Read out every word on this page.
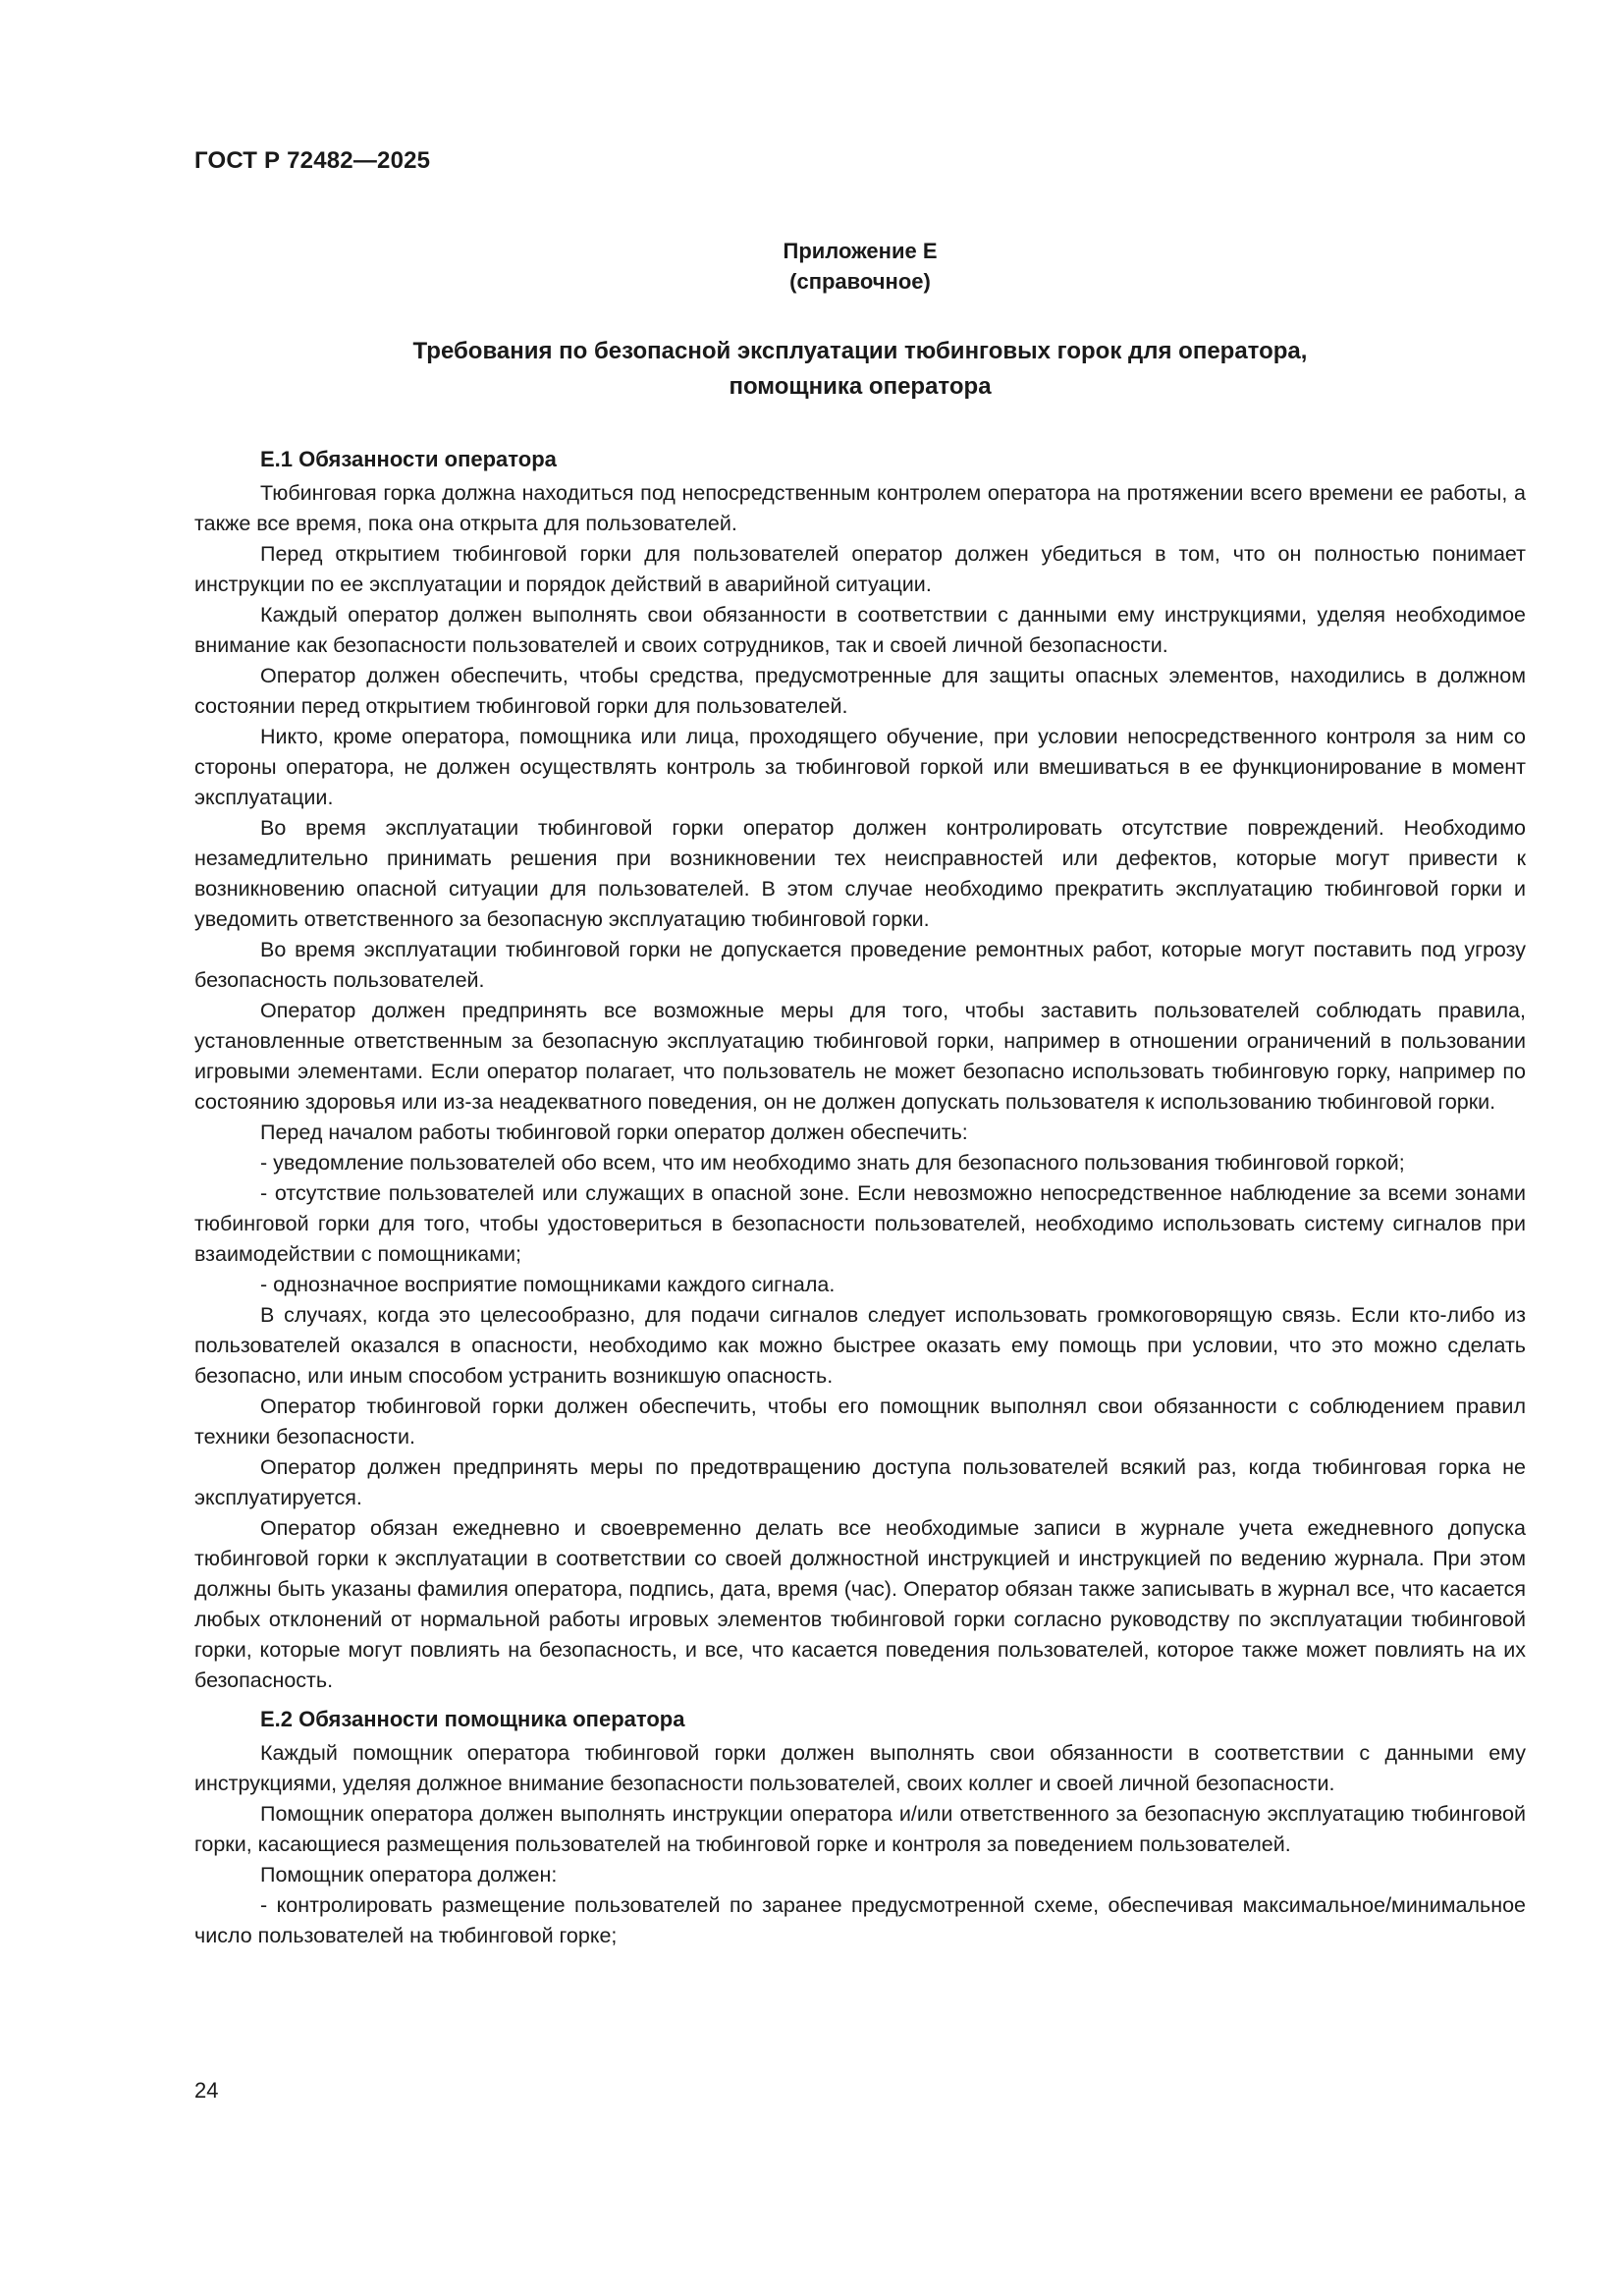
ГОСТ Р 72482—2025
Приложение Е
(справочное)
Требования по безопасной эксплуатации тюбинговых горок для оператора,
помощника оператора
Е.1 Обязанности оператора

Тюбинговая горка должна находиться под непосредственным контролем оператора на протяжении всего времени ее работы, а также все время, пока она открыта для пользователей.

Перед открытием тюбинговой горки для пользователей оператор должен убедиться в том, что он полностью понимает инструкции по ее эксплуатации и порядок действий в аварийной ситуации.

Каждый оператор должен выполнять свои обязанности в соответствии с данными ему инструкциями, уделяя необходимое внимание как безопасности пользователей и своих сотрудников, так и своей личной безопасности.

Оператор должен обеспечить, чтобы средства, предусмотренные для защиты опасных элементов, находились в должном состоянии перед открытием тюбинговой горки для пользователей.

Никто, кроме оператора, помощника или лица, проходящего обучение, при условии непосредственного контроля за ним со стороны оператора, не должен осуществлять контроль за тюбинговой горкой или вмешиваться в ее функционирование в момент эксплуатации.

Во время эксплуатации тюбинговой горки оператор должен контролировать отсутствие повреждений. Необходимо незамедлительно принимать решения при возникновении тех неисправностей или дефектов, которые могут привести к возникновению опасной ситуации для пользователей. В этом случае необходимо прекратить эксплуатацию тюбинговой горки и уведомить ответственного за безопасную эксплуатацию тюбинговой горки.

Во время эксплуатации тюбинговой горки не допускается проведение ремонтных работ, которые могут поставить под угрозу безопасность пользователей.

Оператор должен предпринять все возможные меры для того, чтобы заставить пользователей соблюдать правила, установленные ответственным за безопасную эксплуатацию тюбинговой горки, например в отношении ограничений в пользовании игровыми элементами. Если оператор полагает, что пользователь не может безопасно использовать тюбинговую горку, например по состоянию здоровья или из-за неадекватного поведения, он не должен допускать пользователя к использованию тюбинговой горки.

Перед началом работы тюбинговой горки оператор должен обеспечить:

- уведомление пользователей обо всем, что им необходимо знать для безопасного пользования тюбинговой горкой;

- отсутствие пользователей или служащих в опасной зоне. Если невозможно непосредственное наблюдение за всеми зонами тюбинговой горки для того, чтобы удостовериться в безопасности пользователей, необходимо использовать систему сигналов при взаимодействии с помощниками;

- однозначное восприятие помощниками каждого сигнала.

В случаях, когда это целесообразно, для подачи сигналов следует использовать громкоговорящую связь. Если кто-либо из пользователей оказался в опасности, необходимо как можно быстрее оказать ему помощь при условии, что это можно сделать безопасно, или иным способом устранить возникшую опасность.

Оператор тюбинговой горки должен обеспечить, чтобы его помощник выполнял свои обязанности с соблюдением правил техники безопасности.

Оператор должен предпринять меры по предотвращению доступа пользователей всякий раз, когда тюбинговая горка не эксплуатируется.

Оператор обязан ежедневно и своевременно делать все необходимые записи в журнале учета ежедневного допуска тюбинговой горки к эксплуатации в соответствии со своей должностной инструкцией и инструкцией по ведению журнала. При этом должны быть указаны фамилия оператора, подпись, дата, время (час). Оператор обязан также записывать в журнал все, что касается любых отклонений от нормальной работы игровых элементов тюбинговой горки согласно руководству по эксплуатации тюбинговой горки, которые могут повлиять на безопасность, и все, что касается поведения пользователей, которое также может повлиять на их безопасность.

Е.2 Обязанности помощника оператора

Каждый помощник оператора тюбинговой горки должен выполнять свои обязанности в соответствии с данными ему инструкциями, уделяя должное внимание безопасности пользователей, своих коллег и своей личной безопасности.

Помощник оператора должен выполнять инструкции оператора и/или ответственного за безопасную эксплуатацию тюбинговой горки, касающиеся размещения пользователей на тюбинговой горке и контроля за поведением пользователей.

Помощник оператора должен:

- контролировать размещение пользователей по заранее предусмотренной схеме, обеспечивая максимальное/минимальное число пользователей на тюбинговой горке;

24
